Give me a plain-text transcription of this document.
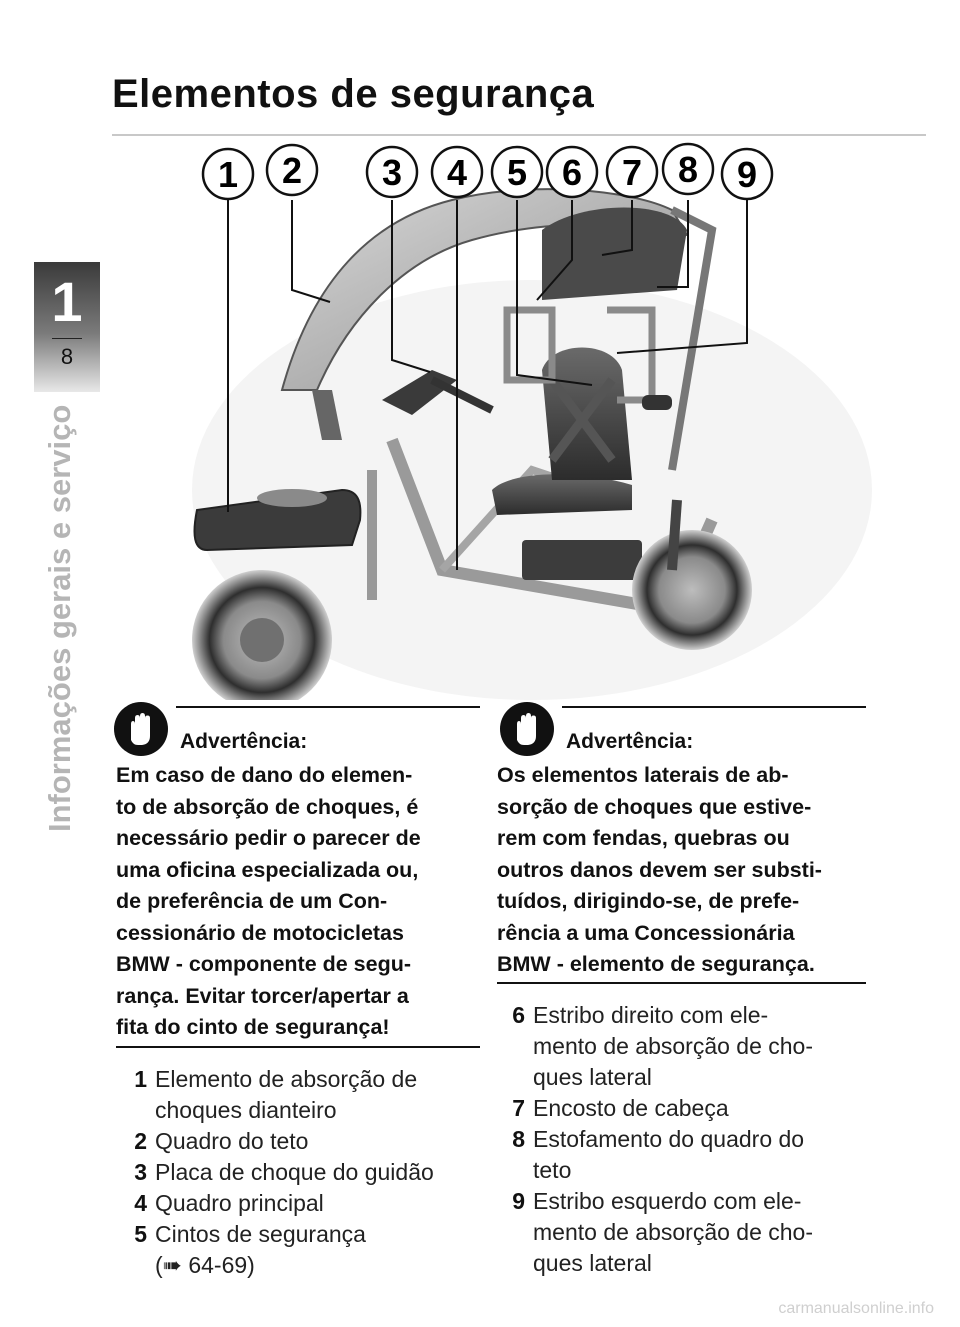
Elementos de segurança
1
8
Informações gerais e serviço
1 2 3 4 5 6 7 8 9
Advertência:
Em caso de dano do elemen-
to de absorção de choques, é
necessário pedir o parecer de
uma oficina especializada ou,
de preferência de um Con-
cessionário de motocicletas
BMW - componente de segu-
rança. Evitar torcer/apertar a
fita do cinto de segurança!
Advertência:
Os elementos laterais de ab-
sorção de choques que estive-
rem com fendas, quebras ou
outros danos devem ser substi-
tuídos, dirigindo-se, de prefe-
rência a uma Concessionária
BMW - elemento de segurança.
1 Elemento de absorção de
choques dianteiro
2 Quadro do teto
3 Placa de choque do guidão
4 Quadro principal
5 Cintos de segurança
(➠ 64-69)
6 Estribo direito com ele-
mento de absorção de cho-
ques lateral
7 Encosto de cabeça
8 Estofamento do quadro do
teto
9 Estribo esquerdo com ele-
mento de absorção de cho-
ques lateral
carmanualsonline.info
